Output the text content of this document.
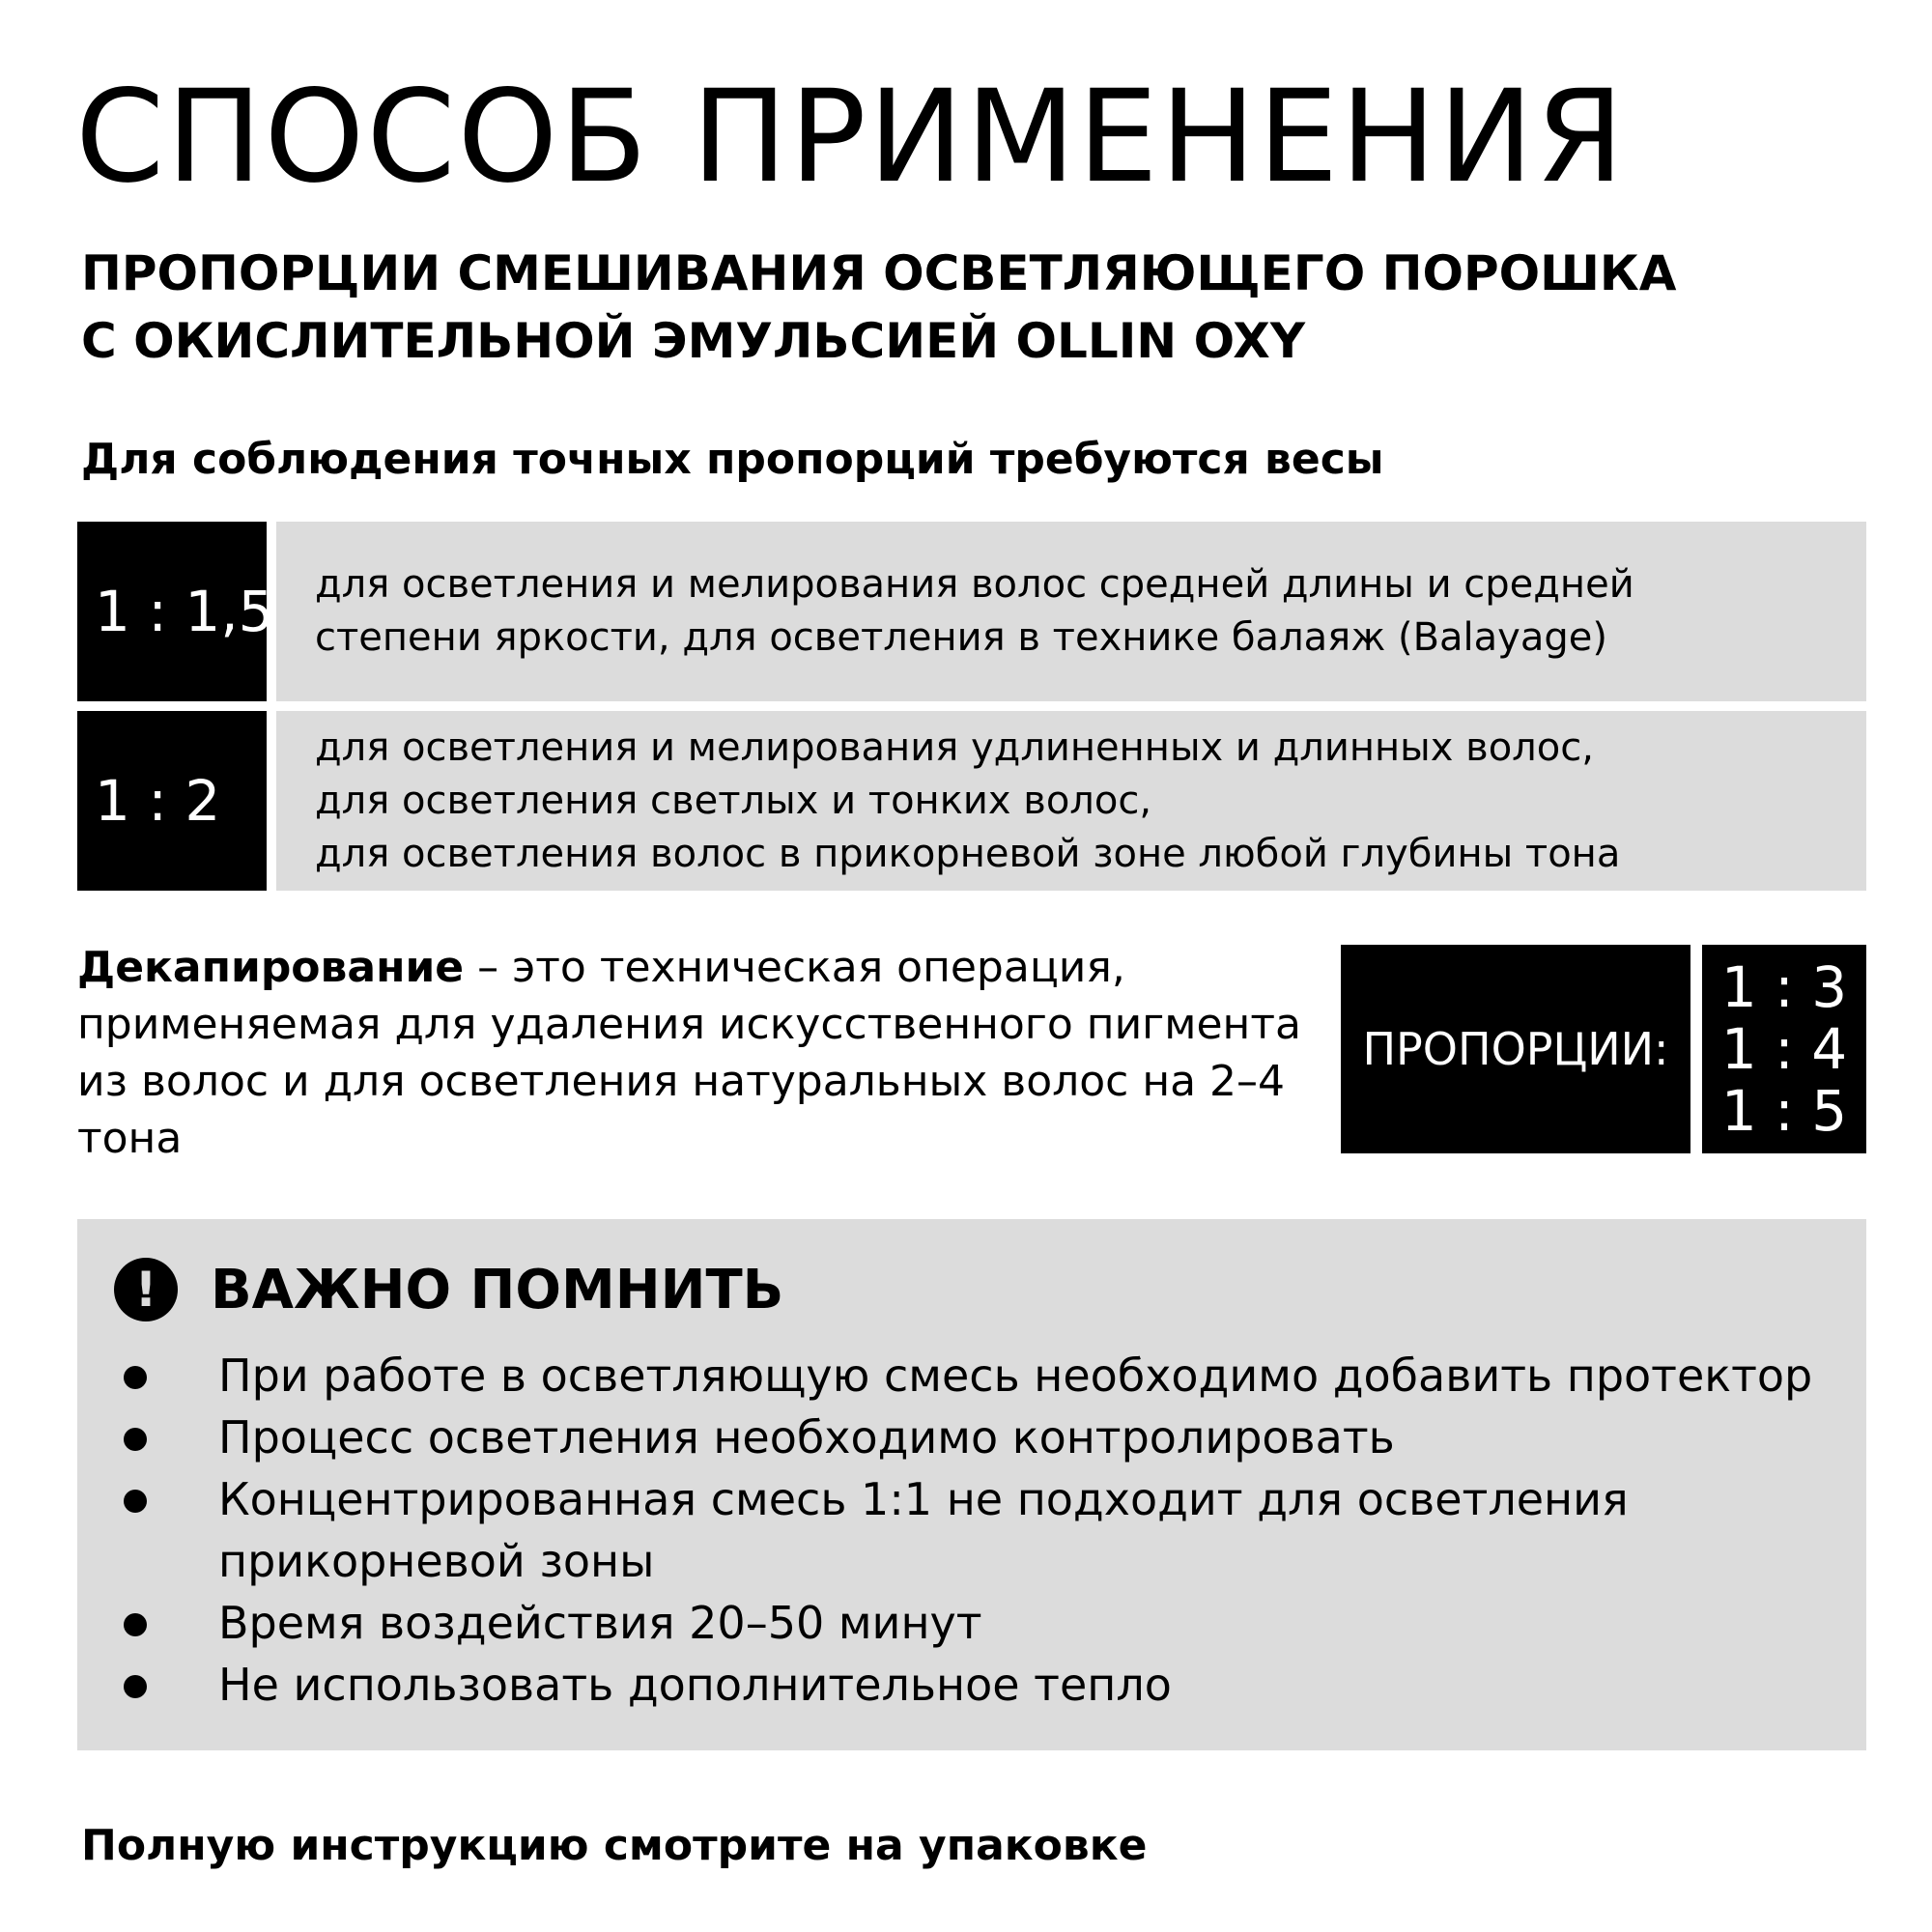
СПОСОБ ПРИМЕНЕНИЯ
ПРОПОРЦИИ СМЕШИВАНИЯ ОСВЕТЛЯЮЩЕГО ПОРОШКА
С ОКИСЛИТЕЛЬНОЙ ЭМУЛЬСИЕЙ OLLIN OXY

Для соблюдения точных пропорций требуются весы

1 : 1,5 для осветления и мелирования волос средней длины и средней
степени яркости, для осветления в технике балаяж (Balayage)
1 : 2
для осветления и мелирования удлиненных и длинных волос,
для осветления светлых и тонких волос,
для осветления волос в прикорневой зоне любой глубины тона

Декапирование – это техническая операция, применяемая для удаления искусственного пигмента из волос и для осветления натуральных волос на 2–4 тона

ПРОПОРЦИИ:
1 : 3
1 : 4
1 : 5
! ВАЖНО ПОМНИТЬ
При работе в осветляющую смесь необходимо добавить протектор
Процесс осветления необходимо контролировать
Концентрированная смесь 1:1 не подходит для осветления
прикорневой зоны
Время воздействия 20–50 минут
Не использовать дополнительное тепло

Полную инструкцию смотрите на упаковке
